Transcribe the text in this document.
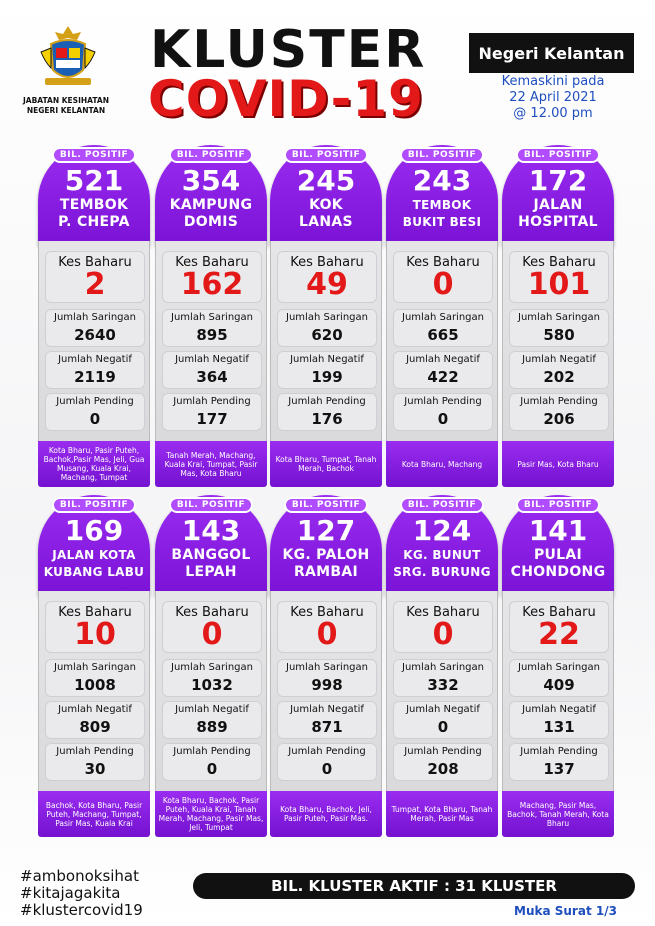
JABATAN KESIHATAN
NEGERI KELANTAN
KLUSTER
COVID-19
Negeri Kelantan
Kemaskini pada
22 April 2021
@ 12.00 pm
BIL. POSITIF
521
TEMBOK
P. CHEPA
Kes Baharu
2
Jumlah Saringan
2640
Jumlah Negatif
2119
Jumlah Pending
0
Kota Bharu, Pasir Puteh, Bachok,Pasir Mas, Jeli, Gua Musang, Kuala Krai, Machang, Tumpat
BIL. POSITIF
354
KAMPUNG
DOMIS
Kes Baharu
162
Jumlah Saringan
895
Jumlah Negatif
364
Jumlah Pending
177
Tanah Merah, Machang, Kuala Krai, Tumpat, Pasir Mas, Kota Bharu
BIL. POSITIF
245
KOK
LANAS
Kes Baharu
49
Jumlah Saringan
620
Jumlah Negatif
199
Jumlah Pending
176
Kota Bharu, Tumpat, Tanah Merah, Bachok
BIL. POSITIF
243
TEMBOK
BUKIT BESI
Kes Baharu
0
Jumlah Saringan
665
Jumlah Negatif
422
Jumlah Pending
0
Kota Bharu, Machang
BIL. POSITIF
172
JALAN
HOSPITAL
Kes Baharu
101
Jumlah Saringan
580
Jumlah Negatif
202
Jumlah Pending
206
Pasir Mas, Kota Bharu
BIL. POSITIF
169
JALAN KOTA
KUBANG LABU
Kes Baharu
10
Jumlah Saringan
1008
Jumlah Negatif
809
Jumlah Pending
30
Bachok, Kota Bharu, Pasir Puteh, Machang, Tumpat, Pasir Mas, Kuala Krai
BIL. POSITIF
143
BANGGOL
LEPAH
Kes Baharu
0
Jumlah Saringan
1032
Jumlah Negatif
889
Jumlah Pending
0
Kota Bharu, Bachok, Pasir Puteh, Kuala Krai, Tanah Merah, Machang, Pasir Mas, Jeli, Tumpat
BIL. POSITIF
127
KG. PALOH
RAMBAI
Kes Baharu
0
Jumlah Saringan
998
Jumlah Negatif
871
Jumlah Pending
0
Kota Bharu, Bachok, Jeli, Pasir Puteh, Pasir Mas.
BIL. POSITIF
124
KG. BUNUT
SRG. BURUNG
Kes Baharu
0
Jumlah Saringan
332
Jumlah Negatif
0
Jumlah Pending
208
Tumpat, Kota Bharu, Tanah Merah, Pasir Mas
BIL. POSITIF
141
PULAI
CHONDONG
Kes Baharu
22
Jumlah Saringan
409
Jumlah Negatif
131
Jumlah Pending
137
Machang, Pasir Mas, Bachok, Tanah Merah, Kota Bharu
#ambonoksihat
#kitajagakita
#klustercovid19
BIL. KLUSTER AKTIF : 31 KLUSTER
Muka Surat 1/3
